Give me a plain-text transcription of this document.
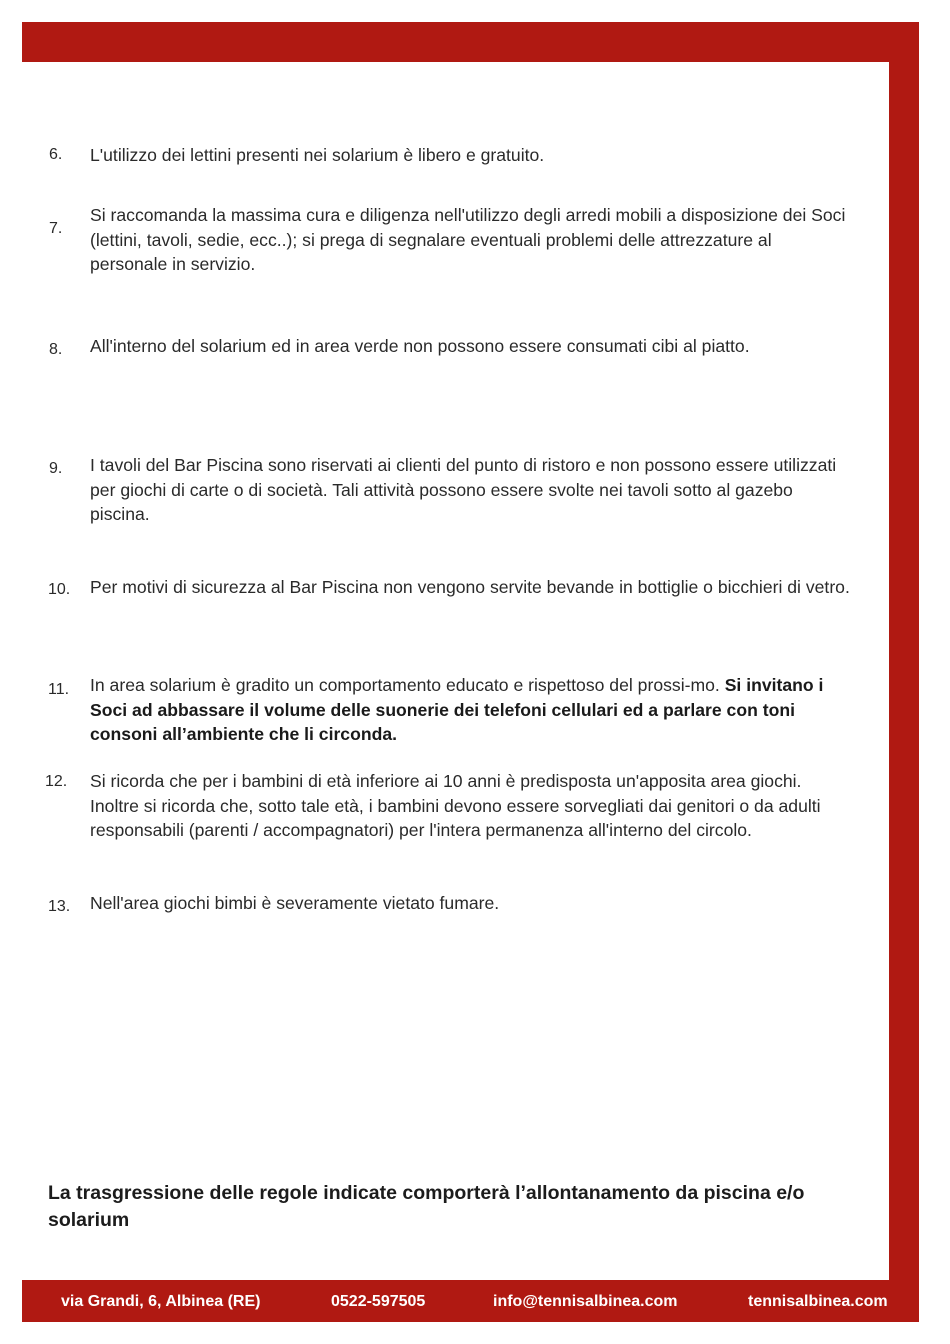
6. L'utilizzo dei lettini presenti nei solarium è libero e gratuito.

7.

Si raccomanda la massima cura e diligenza nell'utilizzo degli arredi mobili a disposizione dei Soci (lettini, tavoli, sedie, ecc..); si prega di segnalare eventuali problemi delle attrezzature al personale in servizio.

8. All'interno del solarium ed in area verde non possono essere consumati cibi al piatto.

9. I tavoli del Bar Piscina sono riservati ai clienti del punto di ristoro e non possono essere utilizzati per giochi di carte o di società. Tali attività possono essere svolte nei tavoli sotto al gazebo piscina.

10. Per motivi di sicurezza al Bar Piscina non vengono servite bevande in bottiglie o bicchieri di vetro.

11. In area solarium è gradito un comportamento educato e rispettoso del prossi-mo. Si invitano i Soci ad abbassare il volume delle suonerie dei telefoni cellulari ed a parlare con toni consoni all’ambiente che li circonda.

12. Si ricorda che per i bambini di età inferiore ai 10 anni è predisposta un'apposita area giochi. Inoltre si ricorda che, sotto tale età, i bambini devono essere sorvegliati dai genitori o da adulti responsabili (parenti / accompagnatori) per l'intera permanenza all'interno del circolo.

13. Nell'area giochi bimbi è severamente vietato fumare.

La trasgressione delle regole indicate comporterà l’allontanamento da piscina e/o solarium

via Grandi, 6, Albinea (RE)	0522-597505	info@tennisalbinea.com	tennisalbinea.com
